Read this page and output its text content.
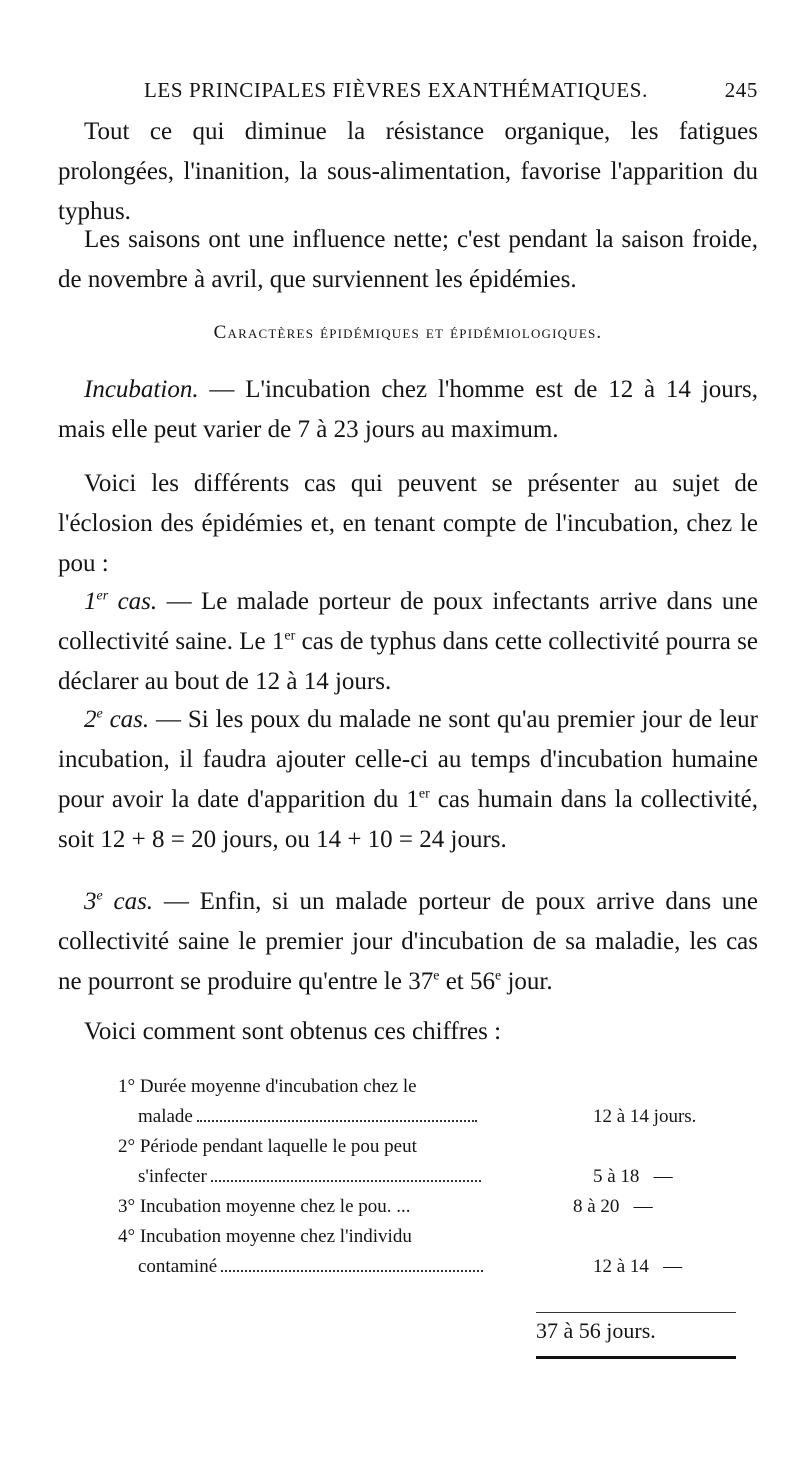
LES PRINCIPALES FIÈVRES EXANTHÉMATIQUES.	245

Tout ce qui diminue la résistance organique, les fatigues prolongées, l'inanition, la sous-alimentation, favorise l'apparition du typhus.

Les saisons ont une influence nette; c'est pendant la saison froide, de novembre à avril, que surviennent les épidémies.

Caractères épidémiques et épidémiologiques.

Incubation. — L'incubation chez l'homme est de 12 à 14 jours, mais elle peut varier de 7 à 23 jours au maximum.

Voici les différents cas qui peuvent se présenter au sujet de l'éclosion des épidémies et, en tenant compte de l'incubation, chez le pou :

1er cas. — Le malade porteur de poux infectants arrive dans une collectivité saine. Le 1er cas de typhus dans cette collectivité pourra se déclarer au bout de 12 à 14 jours.

2e cas. — Si les poux du malade ne sont qu'au premier jour de leur incubation, il faudra ajouter celle-ci au temps d'incubation humaine pour avoir la date d'apparition du 1er cas humain dans la collectivité, soit 12 + 8 = 20 jours, ou 14 + 10 = 24 jours.

3e cas. — Enfin, si un malade porteur de poux arrive dans une collectivité saine le premier jour d'incubation de sa maladie, les cas ne pourront se produire qu'entre le 37e et 56e jour.

Voici comment sont obtenus ces chiffres :

1° Durée moyenne d'incubation chez le
malade	12 à 14 jours.
2° Période pendant laquelle le pou peut
s'infecter	5 à 18   —
3° Incubation moyenne chez le pou. ...	8 à 20   —
4° Incubation moyenne chez l'individu
contaminé	12 à 14   —
37 à 56 jours.
